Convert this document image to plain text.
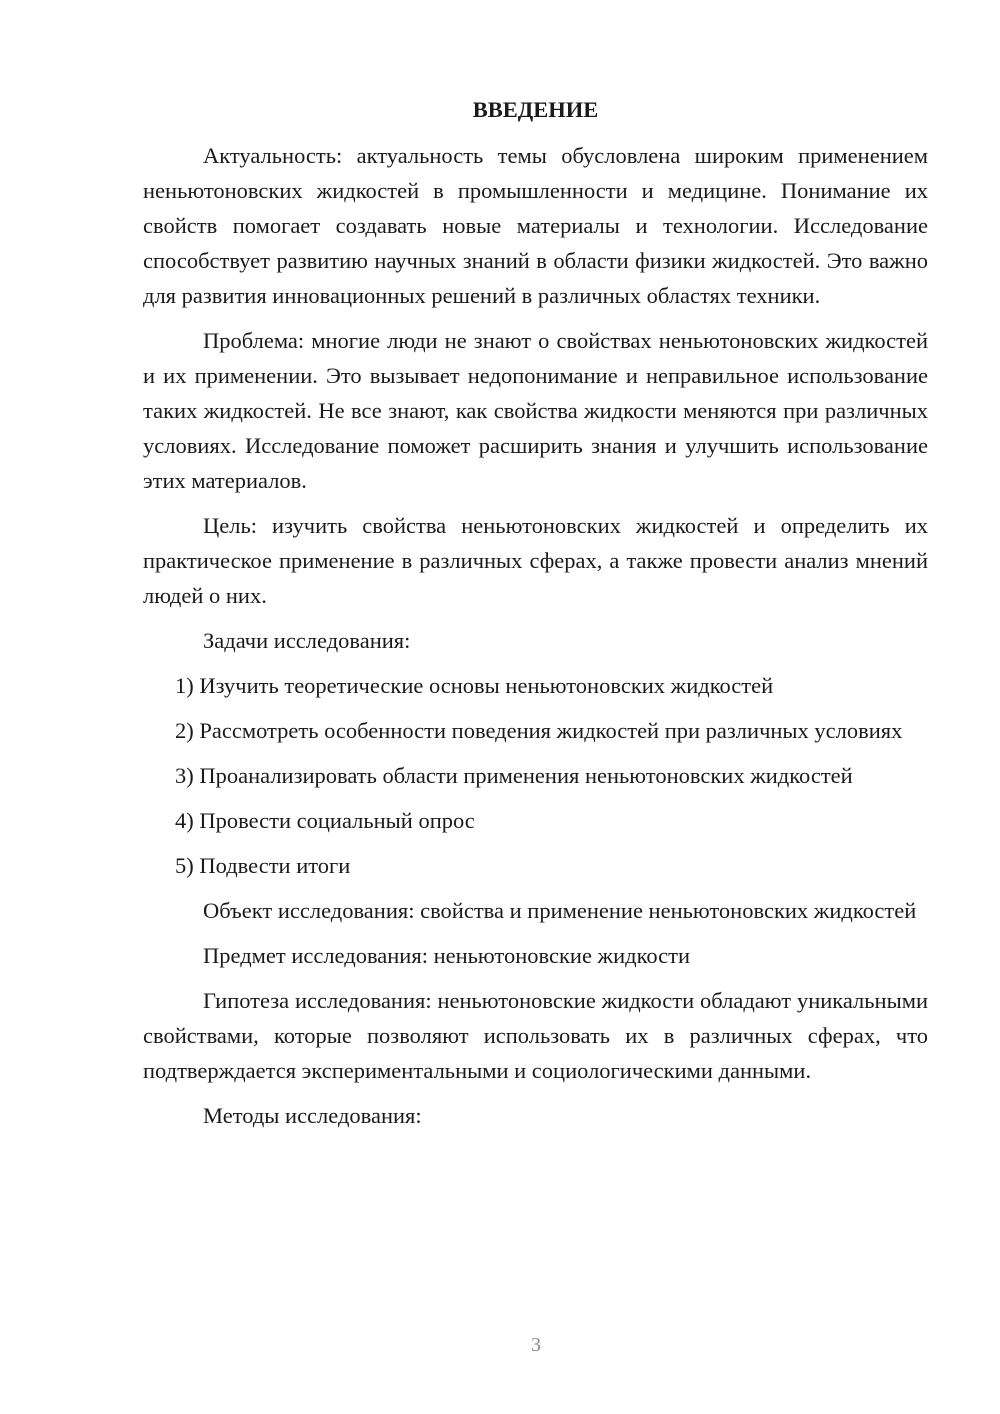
ВВЕДЕНИЕ

Актуальность: актуальность темы обусловлена широким применением неньютоновских жидкостей в промышленности и медицине. Понимание их свойств помогает создавать новые материалы и технологии. Исследование способствует развитию научных знаний в области физики жидкостей. Это важно для развития инновационных решений в различных областях техники.

Проблема: многие люди не знают о свойствах неньютоновских жидкостей и их применении. Это вызывает недопонимание и неправильное использование таких жидкостей. Не все знают, как свойства жидкости меняются при различных условиях. Исследование поможет расширить знания и улучшить использование этих материалов.

Цель: изучить свойства неньютоновских жидкостей и определить их практическое применение в различных сферах, а также провести анализ мнений людей о них.

Задачи исследования:

1) Изучить теоретические основы неньютоновских жидкостей

2) Рассмотреть особенности поведения жидкостей при различных условиях

3) Проанализировать области применения неньютоновских жидкостей

4) Провести социальный опрос

5) Подвести итоги

Объект исследования: свойства и применение неньютоновских жидкостей

Предмет исследования: неньютоновские жидкости

Гипотеза исследования: неньютоновские жидкости обладают уникальными свойствами, которые позволяют использовать их в различных сферах, что подтверждается экспериментальными и социологическими данными.

Методы исследования:

3
